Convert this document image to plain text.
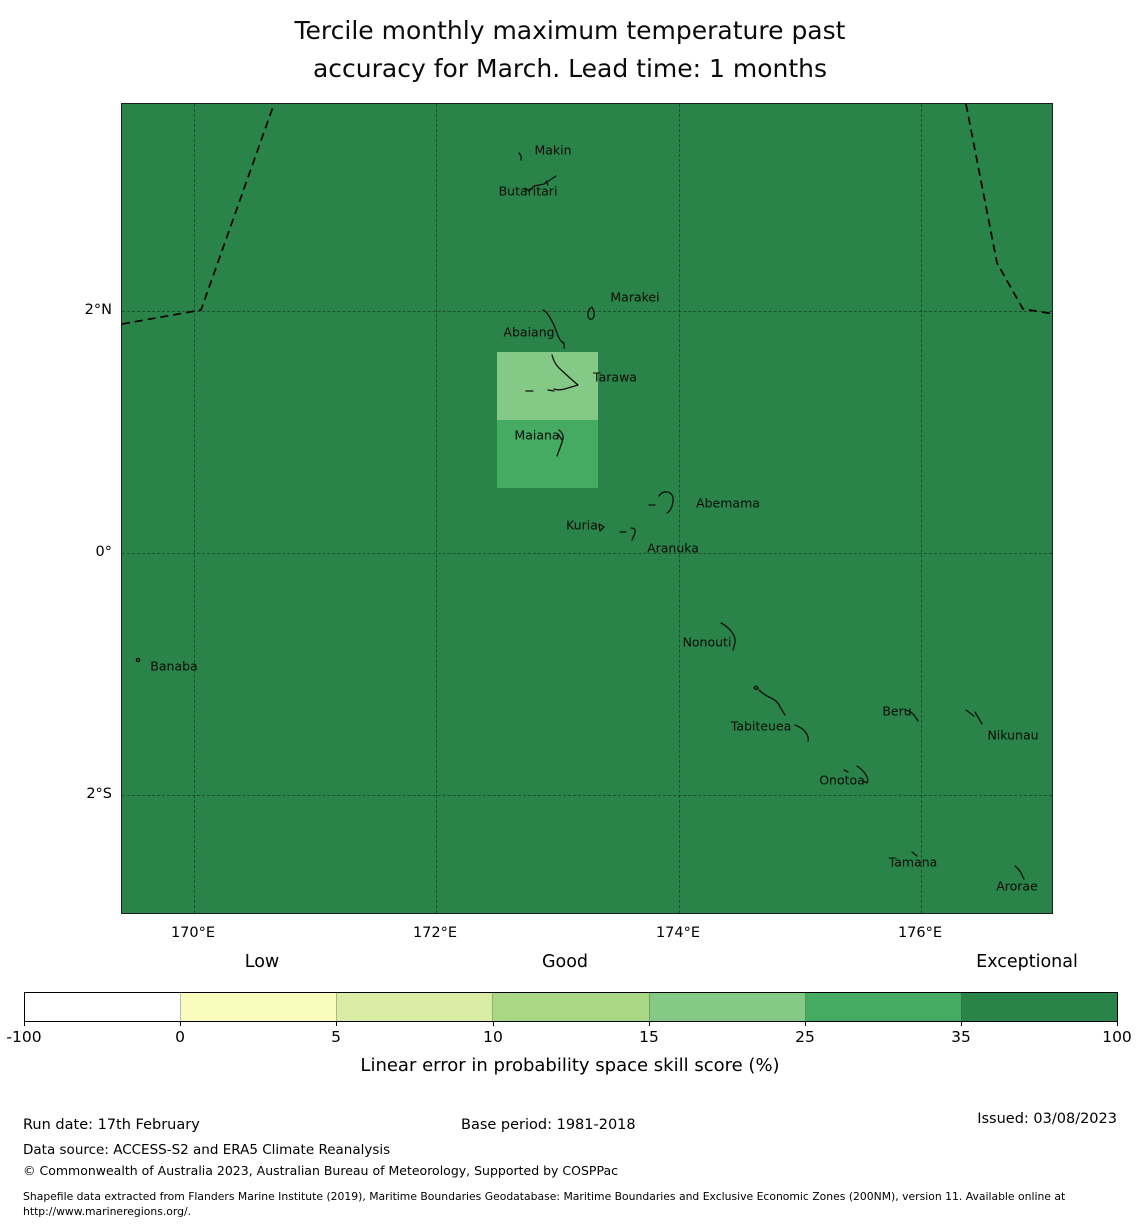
Tercile monthly maximum temperature past
accuracy for March. Lead time: 1 months
Makin
Butaritari
Marakei
Abaiang
Tarawa
Maiana
Abemama
Kuria
Aranuka
Nonouti
Banaba
Tabiteuea
Beru
Nikunau
Onotoa
Tamana
Arorae
2°N
0°
2°S
170°E	172°E	174°E	176°E
Low	Good	Exceptional
-100	0	5	10	15	25	35	100
Linear error in probability space skill score (%)
Run date: 17th February	Base period: 1981-2018	Issued: 03/08/2023
Data source: ACCESS-S2 and ERA5 Climate Reanalysis
© Commonwealth of Australia 2023, Australian Bureau of Meteorology, Supported by COSPPac
Shapefile data extracted from Flanders Marine Institute (2019), Maritime Boundaries Geodatabase: Maritime Boundaries and Exclusive Economic Zones (200NM), version 11. Available online at http://www.marineregions.org/.
